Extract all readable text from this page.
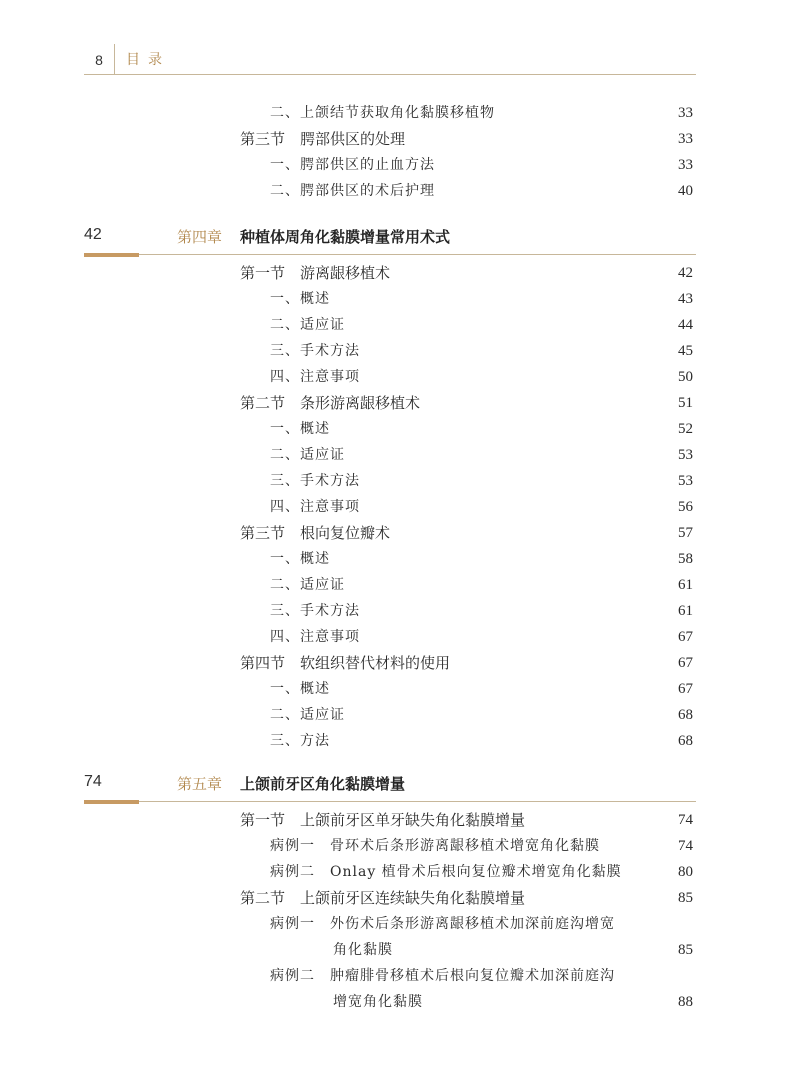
8	目录
二、上颌结节获取角化黏膜移植物	33
第三节　腭部供区的处理	33
一、腭部供区的止血方法	33
二、腭部供区的术后护理	40
42	第四章 种植体周角化黏膜增量常用术式
第一节　游离龈移植术	42
一、概述	43
二、适应证	44
三、手术方法	45
四、注意事项	50
第二节　条形游离龈移植术	51
一、概述	52
二、适应证	53
三、手术方法	53
四、注意事项	56
第三节　根向复位瓣术	57
一、概述	58
二、适应证	61
三、手术方法	61
四、注意事项	67
第四节　软组织替代材料的使用	67
一、概述	67
二、适应证	68
三、方法	68
74	第五章 上颌前牙区角化黏膜增量
第一节　上颌前牙区单牙缺失角化黏膜增量	74
病例一　骨环术后条形游离龈移植术增宽角化黏膜	74
病例二　Onlay 植骨术后根向复位瓣术增宽角化黏膜	80
第二节　上颌前牙区连续缺失角化黏膜增量	85
病例一　外伤术后条形游离龈移植术加深前庭沟增宽
角化黏膜	85
病例二　肿瘤腓骨移植术后根向复位瓣术加深前庭沟
增宽角化黏膜	88
